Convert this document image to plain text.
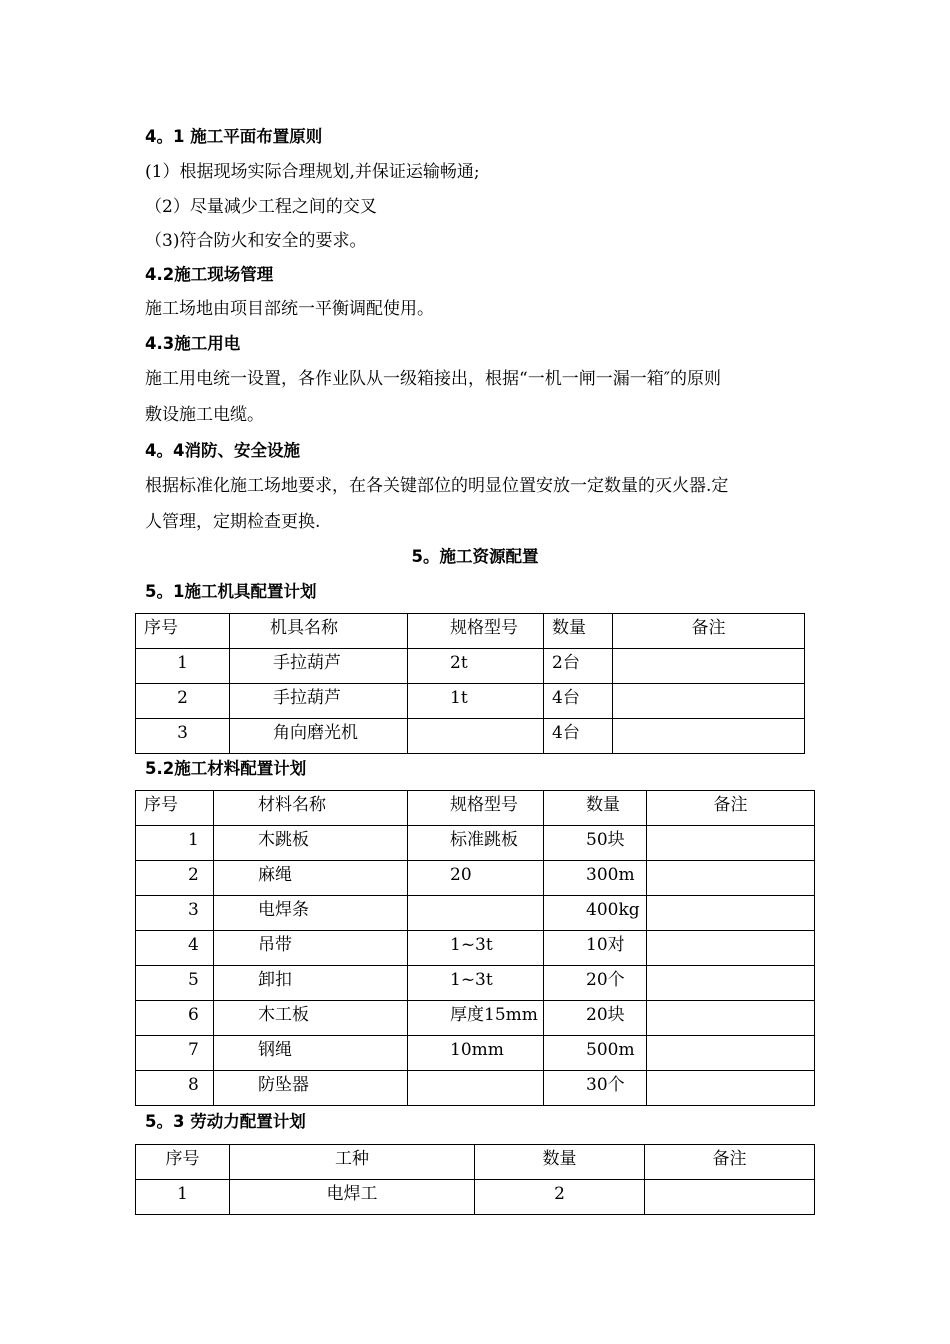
4。1 施工平面布置原则
(1）根据现场实际合理规划,并保证运输畅通;
（2）尽量减少工程之间的交叉
（3)符合防火和安全的要求。
4.2施工现场管理
施工场地由项目部统一平衡调配使用。
4.3施工用电
施工用电统一设置，各作业队从一级箱接出，根据“一机一闸一漏一箱″的原则
敷设施工电缆。
4。4消防、安全设施
根据标准化施工场地要求，在各关键部位的明显位置安放一定数量的灭火器.定
人管理，定期检查更换.
5。施工资源配置
5。1施工机具配置计划
序号	机具名称	规格型号	数量	备注
1	手拉葫芦	2t	2台	
2	手拉葫芦	1t	4台	
3	角向磨光机		4台	
5.2施工材料配置计划
序号	材料名称	规格型号	数量	备注
1	木跳板	标准跳板	50块	
2	麻绳	20	300m	
3	电焊条		400kg	
4	吊带	1~3t	10对	
5	卸扣	1~3t	20个	
6	木工板	厚度15mm	20块	
7	钢绳	10mm	500m	
8	防坠器		30个	
5。3 劳动力配置计划
序号	工种	数量	备注
1	电焊工	2	
